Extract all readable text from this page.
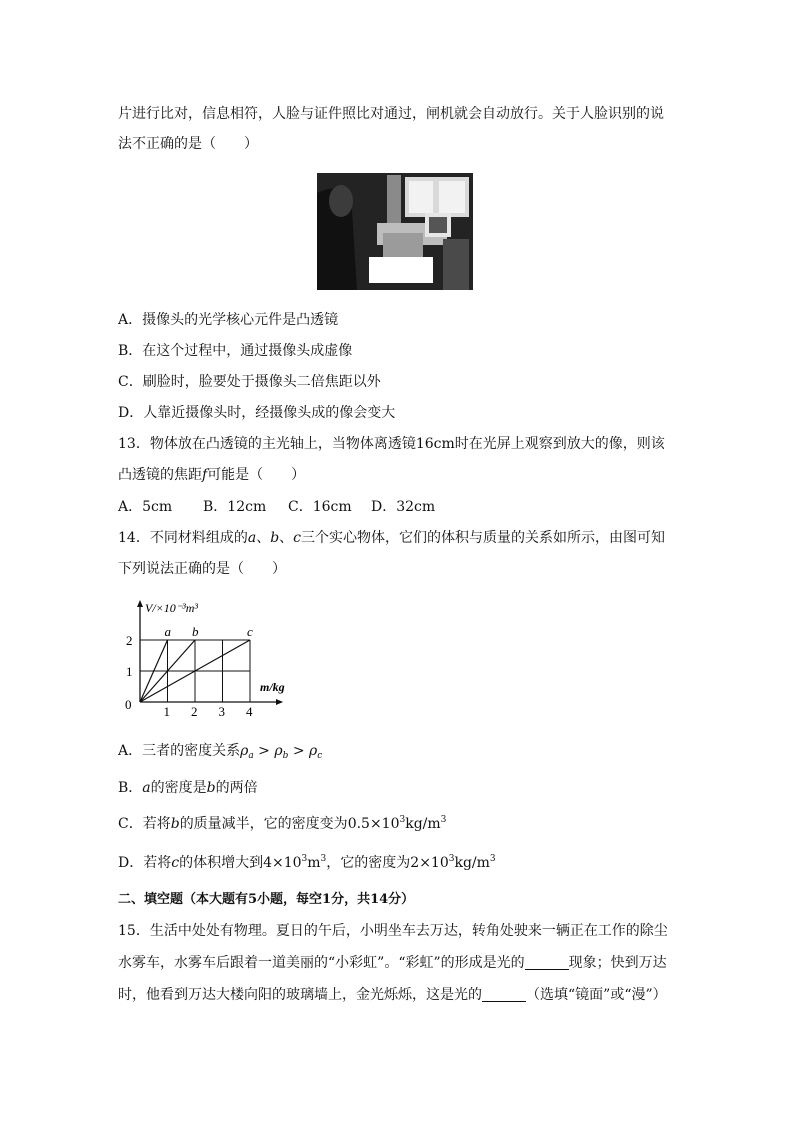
片进行比对，信息相符，人脸与证件照比对通过，闸机就会自动放行。关于人脸识别的说
法不正确的是（　　）
A．摄像头的光学核心元件是凸透镜
B．在这个过程中，通过摄像头成虚像
C．刷脸时，脸要处于摄像头二倍焦距以外
D．人靠近摄像头时，经摄像头成的像会变大
13．物体放在凸透镜的主光轴上，当物体离透镜16cm时在光屏上观察到放大的像，则该
凸透镜的焦距f可能是（　　）
A．5cm B．12cm C．16cm D．32cm
14．不同材料组成的a、b、c三个实心物体，它们的体积与质量的关系如所示，由图可知
下列说法正确的是（　　）
a b	c
1 2 3 4
1
2
0
V/×10⁻³m³
m/kg
A．三者的密度关系$\rho_a > \rho_b > \rho_c$
B．a的密度是b的两倍
C．若将b的质量减半，它的密度变为$0.5\times 10^3kg/m^3$
D．若将c的体积增大到$4\times 10^3m^3$，它的密度为$2\times 10^3kg/m^3$
二、填空题（本大题有5小题，每空1分，共14分）
15．生活中处处有物理。夏日的午后，小明坐车去万达，转角处驶来一辆正在工作的除尘
水雾车，水雾车后跟着一道美丽的“小彩虹”。“彩虹”的形成是光的	现象；快到万达
时，他看到万达大楼向阳的玻璃墙上，金光烁烁，这是光的	（选填“镜面”或“漫”）
